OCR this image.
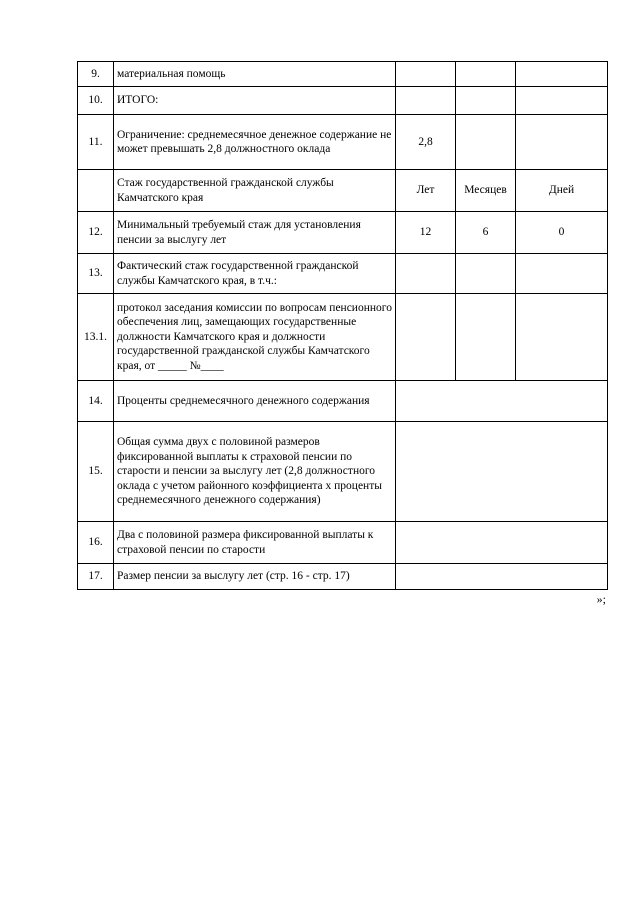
9.	материальная помощь			
10.	ИТОГО:			
11.	Ограничение: среднемесячное денежное содержание не может превышать 2,8 должностного оклада	2,8		
	Стаж государственной гражданской службы Камчатского края	Лет	Месяцев	Дней
12.	Минимальный требуемый стаж для установления пенсии за выслугу лет	12	6	0
13.	Фактический стаж государственной гражданской службы Камчатского края, в т.ч.:			
13.1.	протокол заседания комиссии по вопросам пенсионного обеспечения лиц, замещающих государственные должности Камчатского края и должности государственной гражданской службы Камчатского края, от _____ №____			
14.	Проценты среднемесячного денежного содержания			
15.	Общая сумма двух с половиной размеров фиксированной выплаты к страховой пенсии по старости и пенсии за выслугу лет (2,8 должностного оклада с учетом районного коэффициента х проценты среднемесячного денежного содержания)			
16.	Два с половиной размера фиксированной выплаты к страховой пенсии по старости			
17.	Размер пенсии за выслугу лет (стр. 16 - стр. 17)			
»;
